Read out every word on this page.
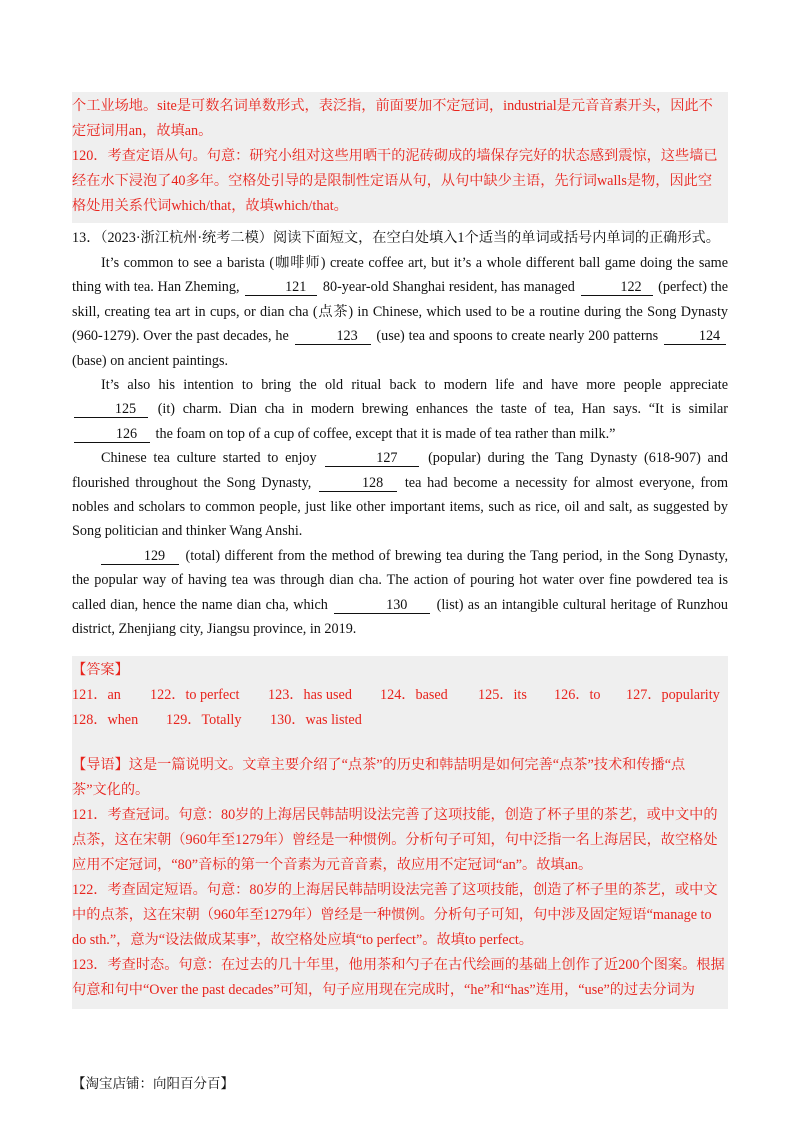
个工业场地。site是可数名词单数形式，表泛指，前面要加不定冠词，industrial是元音音素开头，因此不
定冠词用an，故填an。
120．考查定语从句。句意：研究小组对这些用晒干的泥砖砌成的墙保存完好的状态感到震惊，这些墙已
经在水下浸泡了40多年。空格处引导的是限制性定语从句，从句中缺少主语，先行词walls是物，因此空
格处用关系代词which/that，故填which/that。
13．（2023·浙江杭州·统考二模）阅读下面短文，在空白处填入1个适当的单词或括号内单词的正确形式。

It’s common to see a barista (咖啡师) create coffee art, but it’s a whole different ball game doing the same thing with tea. Han Zheming,	121 80-year-old Shanghai resident, has managed	122 (perfect) the skill, creating tea art in cups, or dian cha (点茶) in Chinese, which used to be a routine during the Song Dynasty (960-1279). Over the past decades, he	123 (use) tea and spoons to create nearly 200 patterns	124 (base) on ancient paintings.

It’s also his intention to bring the old ritual back to modern life and have more people appreciate 125 (it) charm. Dian cha in modern brewing enhances the taste of tea, Han says. “It is similar 126 the foam on top of a cup of coffee, except that it is made of tea rather than milk.”

Chinese tea culture started to enjoy	127 (popular) during the Tang Dynasty (618-907) and flourished throughout the Song Dynasty,	128 tea had become a necessity for almost everyone, from nobles and scholars to common people, just like other important items, such as rice, oil and salt, as suggested by Song politician and thinker Wang Anshi.

129 (total) different from the method of brewing tea during the Tang period, in the Song Dynasty, the popular way of having tea was through dian cha. The action of pouring hot water over fine powdered tea is called dian, hence the name dian cha, which	130 (list) as an intangible cultural heritage of Runzhou district, Zhenjiang city, Jiangsu province, in 2019.

【答案】
121．an 122．to perfect 123．has used 124．based 125．its 126．to 127．popularity
128．when 129．Totally 130．was listed
【导语】这是一篇说明文。文章主要介绍了“点茶”的历史和韩喆明是如何完善“点茶”技术和传播“点
茶”文化的。
121．考查冠词。句意：80岁的上海居民韩喆明设法完善了这项技能，创造了杯子里的茶艺，或中文中的
点茶，这在宋朝（960年至1279年）曾经是一种惯例。分析句子可知，句中泛指一名上海居民，故空格处
应用不定冠词，“80”音标的第一个音素为元音音素，故应用不定冠词“an”。故填an。
122．考查固定短语。句意：80岁的上海居民韩喆明设法完善了这项技能，创造了杯子里的茶艺，或中文
中的点茶，这在宋朝（960年至1279年）曾经是一种惯例。分析句子可知，句中涉及固定短语“manage to
do sth.”，意为“设法做成某事”，故空格处应填“to perfect”。故填to perfect。
123．考查时态。句意：在过去的几十年里，他用茶和勺子在古代绘画的基础上创作了近200个图案。根据
句意和句中“Over the past decades”可知，句子应用现在完成时，“he”和“has”连用，“use”的过去分词为
【淘宝店铺：向阳百分百】
